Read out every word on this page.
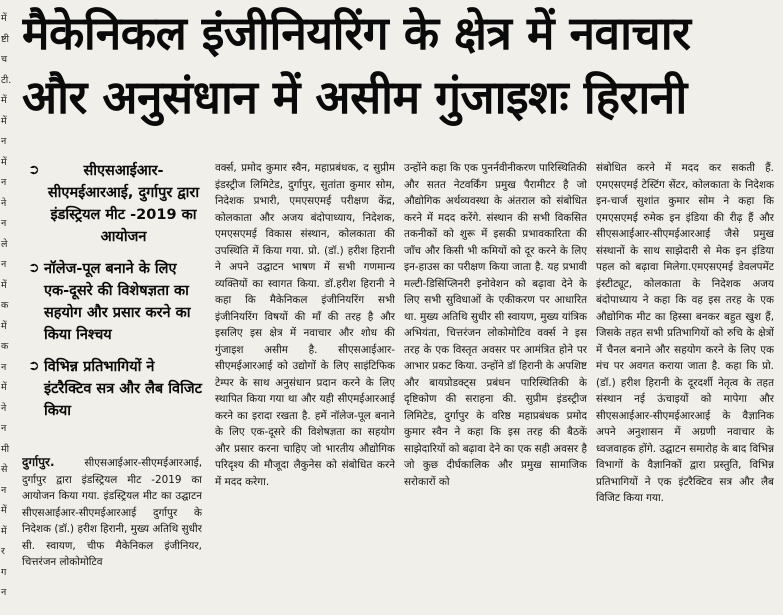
में
ष्टी
च
टी.
में
में
न
में
न
ने
न
ले
न
में
क
में
क
न
में
ने
न
मी
से
न
में
में
र
ग
न
मैकेनिकल इंजीनियरिंग के क्षेत्र में नवाचार
और अनुसंधान में असीम गुंजाइशः हिरानी
➲	सीएसआईआर-सीएमईआरआई, दुर्गापुर द्वारा इंडस्ट्रियल मीट -2019 का आयोजन
➲ नॉलेज-पूल बनाने के लिए एक-दूसरे की विशेषज्ञता का सहयोग और प्रसार करने का किया निश्चय
➲ विभिन्न प्रतिभागियों ने इंटरैक्टिव सत्र और लैब विजिट किया

दुर्गापुर.	सीएसआईआर-सीएमईआरआई, दुर्गापुर द्वारा इंडस्ट्रियल मीट -2019 का आयोजन किया गया. इंडस्ट्रियल मीट का उद्घाटन सीएसआईआर-सीएमईआरआई दुर्गापुर के निदेशक (डॉ.) हरीश हिरानी, मुख्य अतिथि सुधीर सी. स्वायण, चीफ मैकेनिकल इंजीनियर, चित्तरंजन लोकोमोटिव

वर्क्स, प्रमोद कुमार स्वैन, महाप्रबंधक, द सुप्रीम इंडस्ट्रीज लिमिटेड, दुर्गापुर, सुतांता कुमार सोम, निदेशक प्रभारी, एमएसएमई परीक्षण केंद्र, कोलकाता और अजय बंदोपाध्याय, निदेशक, एमएसएमई विकास संस्थान, कोलकाता की उपस्थिति में किया गया. प्रो. (डॉ.) हरीश हिरानी ने अपने उद्घाटन भाषण में सभी गणमान्य व्यक्तियों का स्वागत किया. डॉ.हरीश हिरानी ने कहा कि मैकेनिकल इंजीनियरिंग सभी इंजीनियरिंग विषयों की माँ की तरह है और इसलिए इस क्षेत्र में नवाचार और शोध की गुंजाइश असीम है. सीएसआईआर-सीएमईआरआई को उद्योगों के लिए साइंटिफिक टेम्पर के साथ अनुसंधान प्रदान करने के लिए स्थापित किया गया था और यही सीएमईआरआई करने का इरादा रखता है. हमें नॉलेज-पूल बनाने के लिए एक-दूसरे की विशेषज्ञता का सहयोग और प्रसार करना चाहिए जो भारतीय औद्योगिक परिदृश्य की मौजूदा लैकुनेस को संबोधित करने में मदद करेगा.

उन्होंने कहा कि एक पुनर्नवीनीकरण पारिस्थितिकी और सतत नेटवर्किंग प्रमुख पैरामीटर है जो औद्योगिक अर्थव्यवस्था के अंतराल को संबोधित करने में मदद करेंगे. संस्थान की सभी विकसित तकनीकों को शुरू में इसकी प्रभावकारिता की जाँच और किसी भी कमियों को दूर करने के लिए इन-हाउस का परीक्षण किया जाता है. यह प्रभावी मल्टी-डिसिप्लिनरी इनोवेशन को बढ़ावा देने के लिए सभी सुविधाओं के एकीकरण पर आधारित था. मुख्य अतिथि सुधीर सी स्वायण, मुख्य यांत्रिक अभियंता, चित्तरंजन लोकोमोटिव वर्क्स ने इस तरह के एक विस्तृत अवसर पर आमंत्रित होने पर आभार प्रकट किया. उन्होंने डॉ हिरानी के अपशिष्ट और बायप्रोडक्ट्स प्रबंधन पारिस्थितिकी के दृष्टिकोण की सराहना की. सुप्रीम इंडस्ट्रीज लिमिटेड, दुर्गापुर के वरिष्ठ महाप्रबंधक प्रमोद कुमार स्वैन ने कहा कि इस तरह की बैठकें साझेदारियों को बढ़ावा देने का एक सही अवसर है जो कुछ दीर्घकालिक और प्रमुख सामाजिक सरोकारों को

संबोधित करने में मदद कर सकती हैं. एमएसएमई टेस्टिंग सेंटर, कोलकाता के निदेशक इन-चार्ज सुशांत कुमार सोम ने कहा कि एमएसएमई रुमेक इन इंडिया की रीढ़ हैं और सीएसआईआर-सीएमईआरआई जैसे प्रमुख संस्थानों के साथ साझेदारी से मेक इन इंडिया पहल को बढ़ावा मिलेगा.एमएसएमई डेवलपमेंट इंस्टीट्यूट, कोलकाता के निदेशक अजय बंदोपाध्याय ने कहा कि वह इस तरह के एक औद्योगिक मीट का हिस्सा बनकर बहुत खुश हैं, जिसके तहत सभी प्रतिभागियों को रुचि के क्षेत्रों में चैनल बनाने और सहयोग करने के लिए एक मंच पर अवगत कराया जाता है. कहा कि प्रो. (डॉ.) हरीश हिरानी के दूरदर्शी नेतृत्व के तहत संस्थान नई ऊंचाइयों को मापेगा और सीएसआईआर-सीएमईआरआई के वैज्ञानिक अपने अनुशासन में अग्रणी नवाचार के ध्वजवाहक होंगे. उद्घाटन समारोह के बाद विभिन्न विभागों के वैज्ञानिकों द्वारा प्रस्तुति, विभिन्न प्रतिभागियों ने एक इंटरैक्टिव सत्र और लैब विजिट किया गया.
